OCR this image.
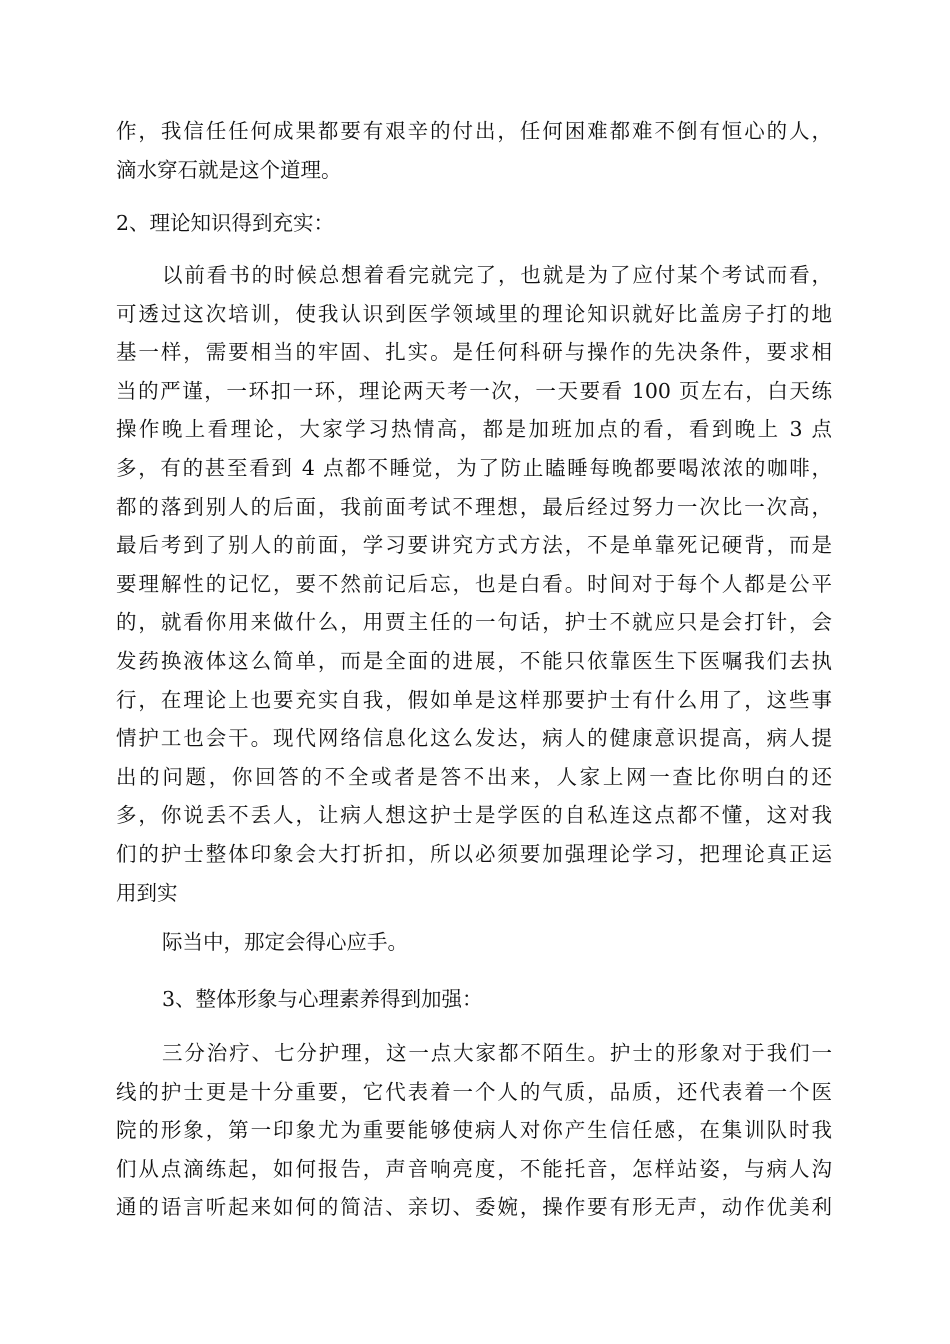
作，我信任任何成果都要有艰辛的付出，任何困难都难不倒有恒心的人，
滴水穿石就是这个道理。
2、理论知识得到充实：
以前看书的时候总想着看完就完了，也就是为了应付某个考试而看，
可透过这次培训，使我认识到医学领域里的理论知识就好比盖房子打的地
基一样，需要相当的牢固、扎实。是任何科研与操作的先决条件，要求相
当的严谨，一环扣一环，理论两天考一次，一天要看 100 页左右，白天练
操作晚上看理论，大家学习热情高，都是加班加点的看，看到晚上 3 点
多，有的甚至看到 4 点都不睡觉，为了防止瞌睡每晚都要喝浓浓的咖啡，
都的落到别人的后面，我前面考试不理想，最后经过努力一次比一次高，
最后考到了别人的前面，学习要讲究方式方法，不是单靠死记硬背，而是
要理解性的记忆，要不然前记后忘，也是白看。时间对于每个人都是公平
的，就看你用来做什么，用贾主任的一句话，护士不就应只是会打针，会
发药换液体这么简单，而是全面的进展，不能只依靠医生下医嘱我们去执
行，在理论上也要充实自我，假如单是这样那要护士有什么用了，这些事
情护工也会干。现代网络信息化这么发达，病人的健康意识提高，病人提
出的问题，你回答的不全或者是答不出来，人家上网一查比你明白的还
多，你说丢不丢人，让病人想这护士是学医的自私连这点都不懂，这对我
们的护士整体印象会大打折扣，所以必须要加强理论学习，把理论真正运
用到实
际当中，那定会得心应手。
3、整体形象与心理素养得到加强：
三分治疗、七分护理，这一点大家都不陌生。护士的形象对于我们一
线的护士更是十分重要，它代表着一个人的气质，品质，还代表着一个医
院的形象，第一印象尤为重要能够使病人对你产生信任感，在集训队时我
们从点滴练起，如何报告，声音响亮度，不能托音，怎样站姿，与病人沟
通的语言听起来如何的简洁、亲切、委婉，操作要有形无声，动作优美利
